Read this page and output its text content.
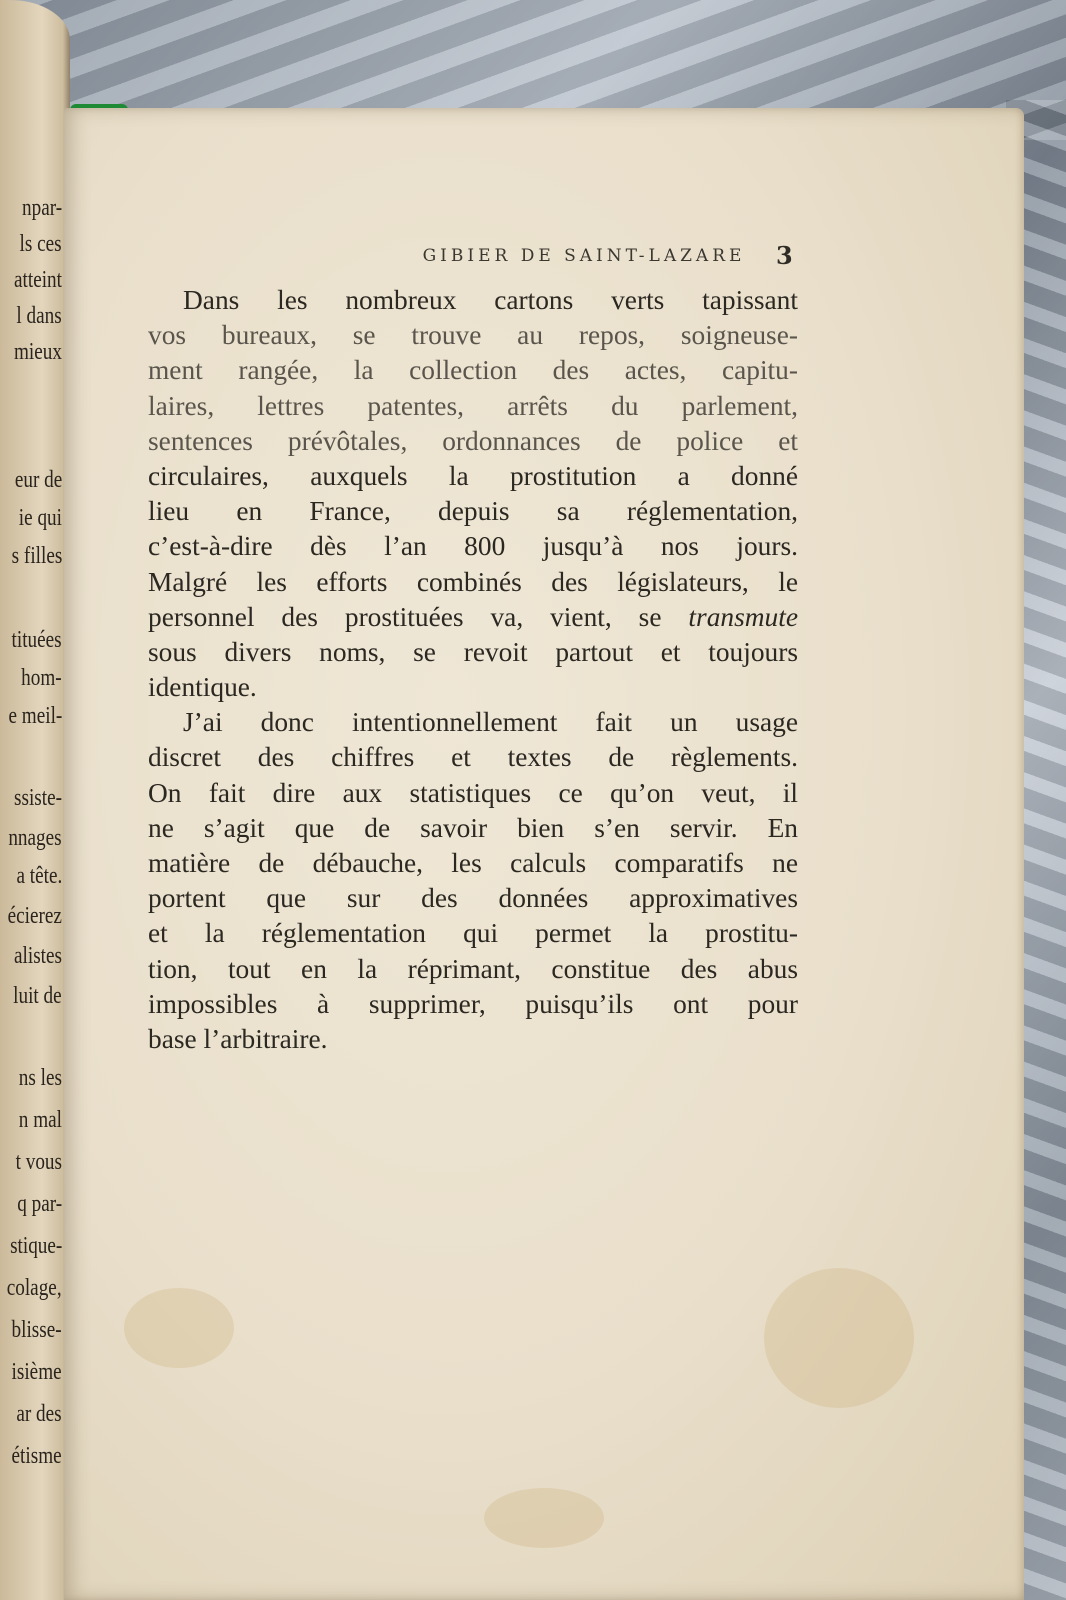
npar-
ls ces
atteint
l dans
mieux
eur de
ie qui
s filles
tituées
hom-
e meil-
ssiste-
nnages
a tête.
écierez
alistes
luit de
ns les
n mal
t vous
q par-
stique-
colage,
blisse-
isième
ar des
étisme
GIBIER DE SAINT-LAZARE	3
Dans les nombreux cartons verts tapissant
vos bureaux, se trouve au repos, soigneuse-
ment rangée, la collection des actes, capitu-
laires, lettres patentes, arrêts du parlement,
sentences prévôtales, ordonnances de police et
circulaires, auxquels la prostitution a donné
lieu en France, depuis sa réglementation,
c’est-à-dire dès l’an 800 jusqu’à nos jours.
Malgré les efforts combinés des législateurs, le
personnel des prostituées va, vient, se transmute
sous divers noms, se revoit partout et toujours
identique.
J’ai donc intentionnellement fait un usage
discret des chiffres et textes de règlements.
On fait dire aux statistiques ce qu’on veut, il
ne s’agit que de savoir bien s’en servir. En
matière de débauche, les calculs comparatifs ne
portent que sur des données approximatives
et la réglementation qui permet la prostitu-
tion, tout en la réprimant, constitue des abus
impossibles à supprimer, puisqu’ils ont pour
base l’arbitraire.
